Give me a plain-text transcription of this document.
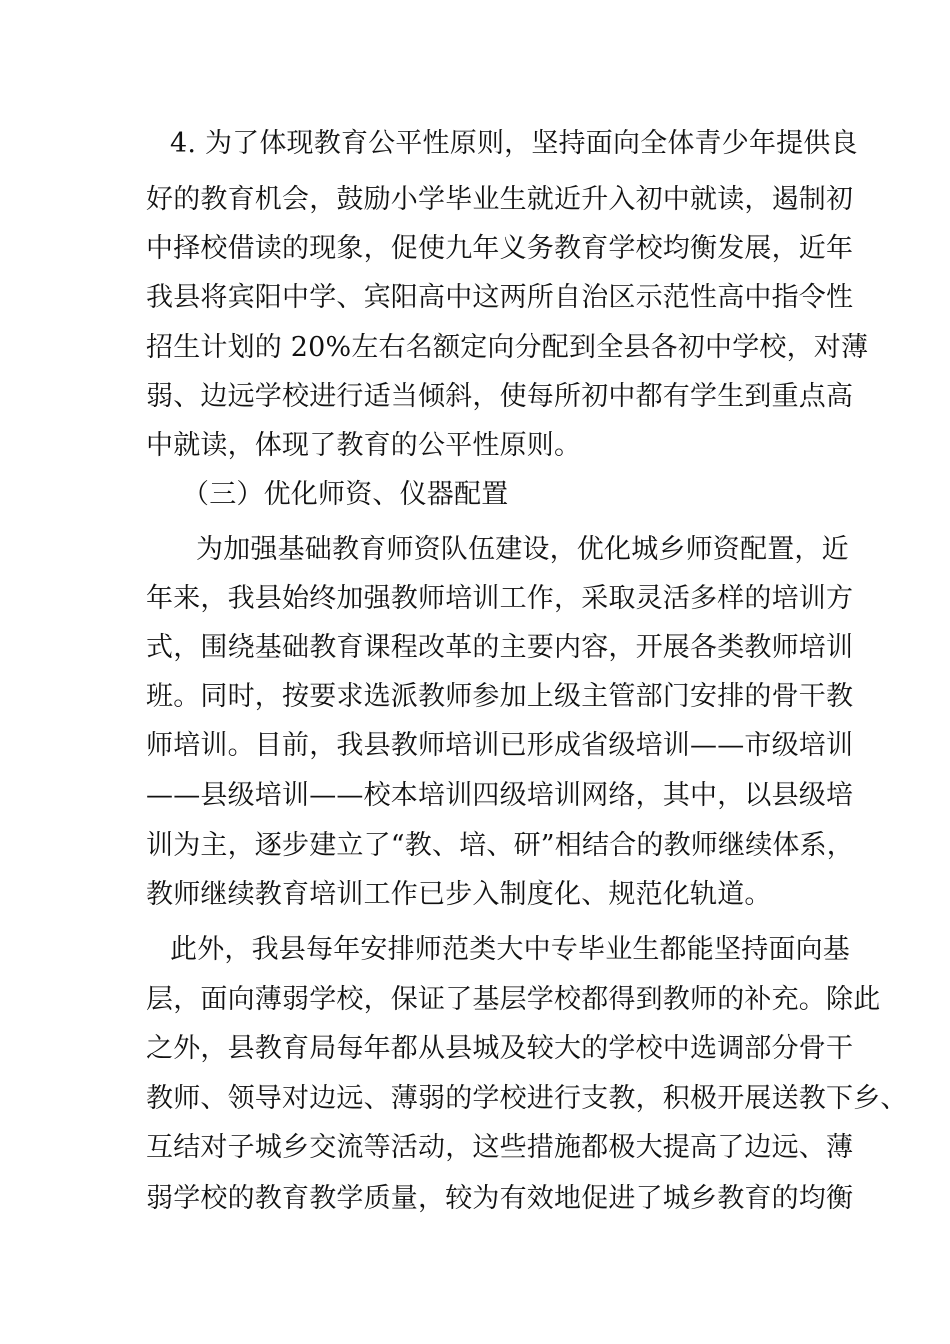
4. 为了体现教育公平性原则，坚持面向全体青少年提供良
好的教育机会，鼓励小学毕业生就近升入初中就读，遏制初
中择校借读的现象，促使九年义务教育学校均衡发展，近年
我县将宾阳中学、宾阳高中这两所自治区示范性高中指令性
招生计划的 20%左右名额定向分配到全县各初中学校，对薄
弱、边远学校进行适当倾斜，使每所初中都有学生到重点高
中就读，体现了教育的公平性原则。
（三）优化师资、仪器配置
为加强基础教育师资队伍建设，优化城乡师资配置，近
年来，我县始终加强教师培训工作，采取灵活多样的培训方
式，围绕基础教育课程改革的主要内容，开展各类教师培训
班。同时，按要求选派教师参加上级主管部门安排的骨干教
师培训。目前，我县教师培训已形成省级培训——市级培训
——县级培训——校本培训四级培训网络，其中，以县级培
训为主，逐步建立了“教、培、研”相结合的教师继续体系，
教师继续教育培训工作已步入制度化、规范化轨道。
此外，我县每年安排师范类大中专毕业生都能坚持面向基
层，面向薄弱学校，保证了基层学校都得到教师的补充。除此
之外，县教育局每年都从县城及较大的学校中选调部分骨干
教师、领导对边远、薄弱的学校进行支教，积极开展送教下乡、
互结对子城乡交流等活动，这些措施都极大提高了边远、薄
弱学校的教育教学质量，较为有效地促进了城乡教育的均衡
